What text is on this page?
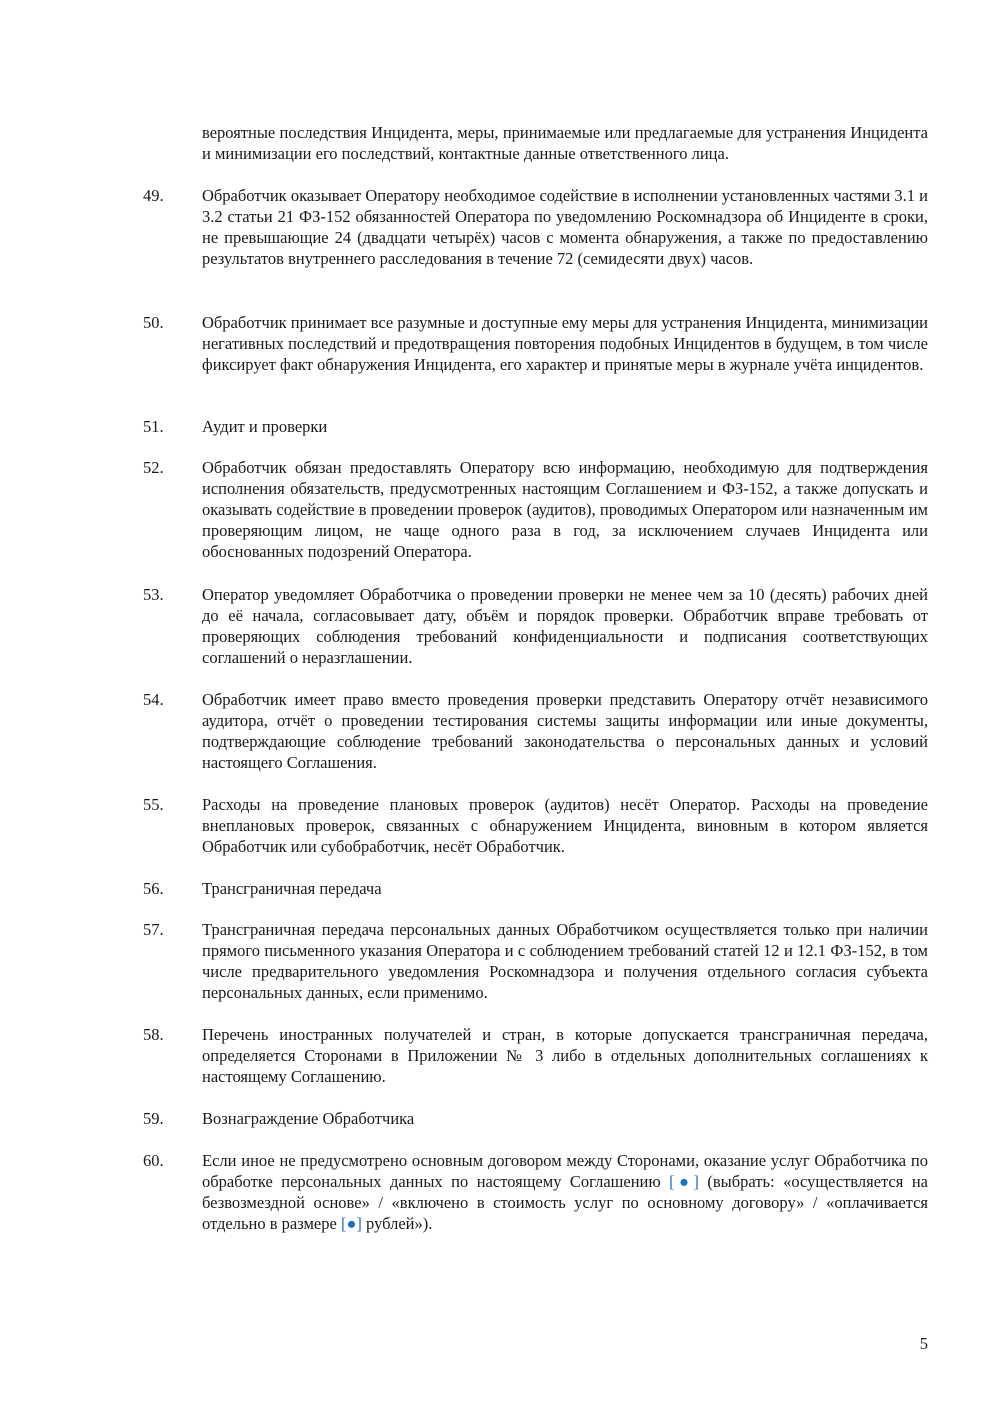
вероятные последствия Инцидента, меры, принимаемые или предлагаемые для устранения Инцидента и минимизации его последствий, контактные данные ответственного лица.
49. Обработчик оказывает Оператору необходимое содействие в исполнении установленных частями 3.1 и 3.2 статьи 21 ФЗ-152 обязанностей Оператора по уведомлению Роскомнадзора об Инциденте в сроки, не превышающие 24 (двадцати четырёх) часов с момента обнаружения, а также по предоставлению результатов внутреннего расследования в течение 72 (семидесяти двух) часов.
50. Обработчик принимает все разумные и доступные ему меры для устранения Инцидента, минимизации негативных последствий и предотвращения повторения подобных Инцидентов в будущем, в том числе фиксирует факт обнаружения Инцидента, его характер и принятые меры в журнале учёта инцидентов.
51. Аудит и проверки
52. Обработчик обязан предоставлять Оператору всю информацию, необходимую для подтверждения исполнения обязательств, предусмотренных настоящим Соглашением и ФЗ-152, а также допускать и оказывать содействие в проведении проверок (аудитов), проводимых Оператором или назначенным им проверяющим лицом, не чаще одного раза в год, за исключением случаев Инцидента или обоснованных подозрений Оператора.
53. Оператор уведомляет Обработчика о проведении проверки не менее чем за 10 (десять) рабочих дней до её начала, согласовывает дату, объём и порядок проверки. Обработчик вправе требовать от проверяющих соблюдения требований конфиденциальности и подписания соответствующих соглашений о неразглашении.
54. Обработчик имеет право вместо проведения проверки представить Оператору отчёт независимого аудитора, отчёт о проведении тестирования системы защиты информации или иные документы, подтверждающие соблюдение требований законодательства о персональных данных и условий настоящего Соглашения.
55. Расходы на проведение плановых проверок (аудитов) несёт Оператор. Расходы на проведение внеплановых проверок, связанных с обнаружением Инцидента, виновным в котором является Обработчик или субобработчик, несёт Обработчик.
56. Трансграничная передача
57. Трансграничная передача персональных данных Обработчиком осуществляется только при наличии прямого письменного указания Оператора и с соблюдением требований статей 12 и 12.1 ФЗ-152, в том числе предварительного уведомления Роскомнадзора и получения отдельного согласия субъекта персональных данных, если применимо.
58. Перечень иностранных получателей и стран, в которые допускается трансграничная передача, определяется Сторонами в Приложении № 3 либо в отдельных дополнительных соглашениях к настоящему Соглашению.
59. Вознаграждение Обработчика
60. Если иное не предусмотрено основным договором между Сторонами, оказание услуг Обработчика по обработке персональных данных по настоящему Соглашению [●] (выбрать: «осуществляется на безвозмездной основе» / «включено в стоимость услуг по основному договору» / «оплачивается отдельно в размере [●] рублей»).
5
